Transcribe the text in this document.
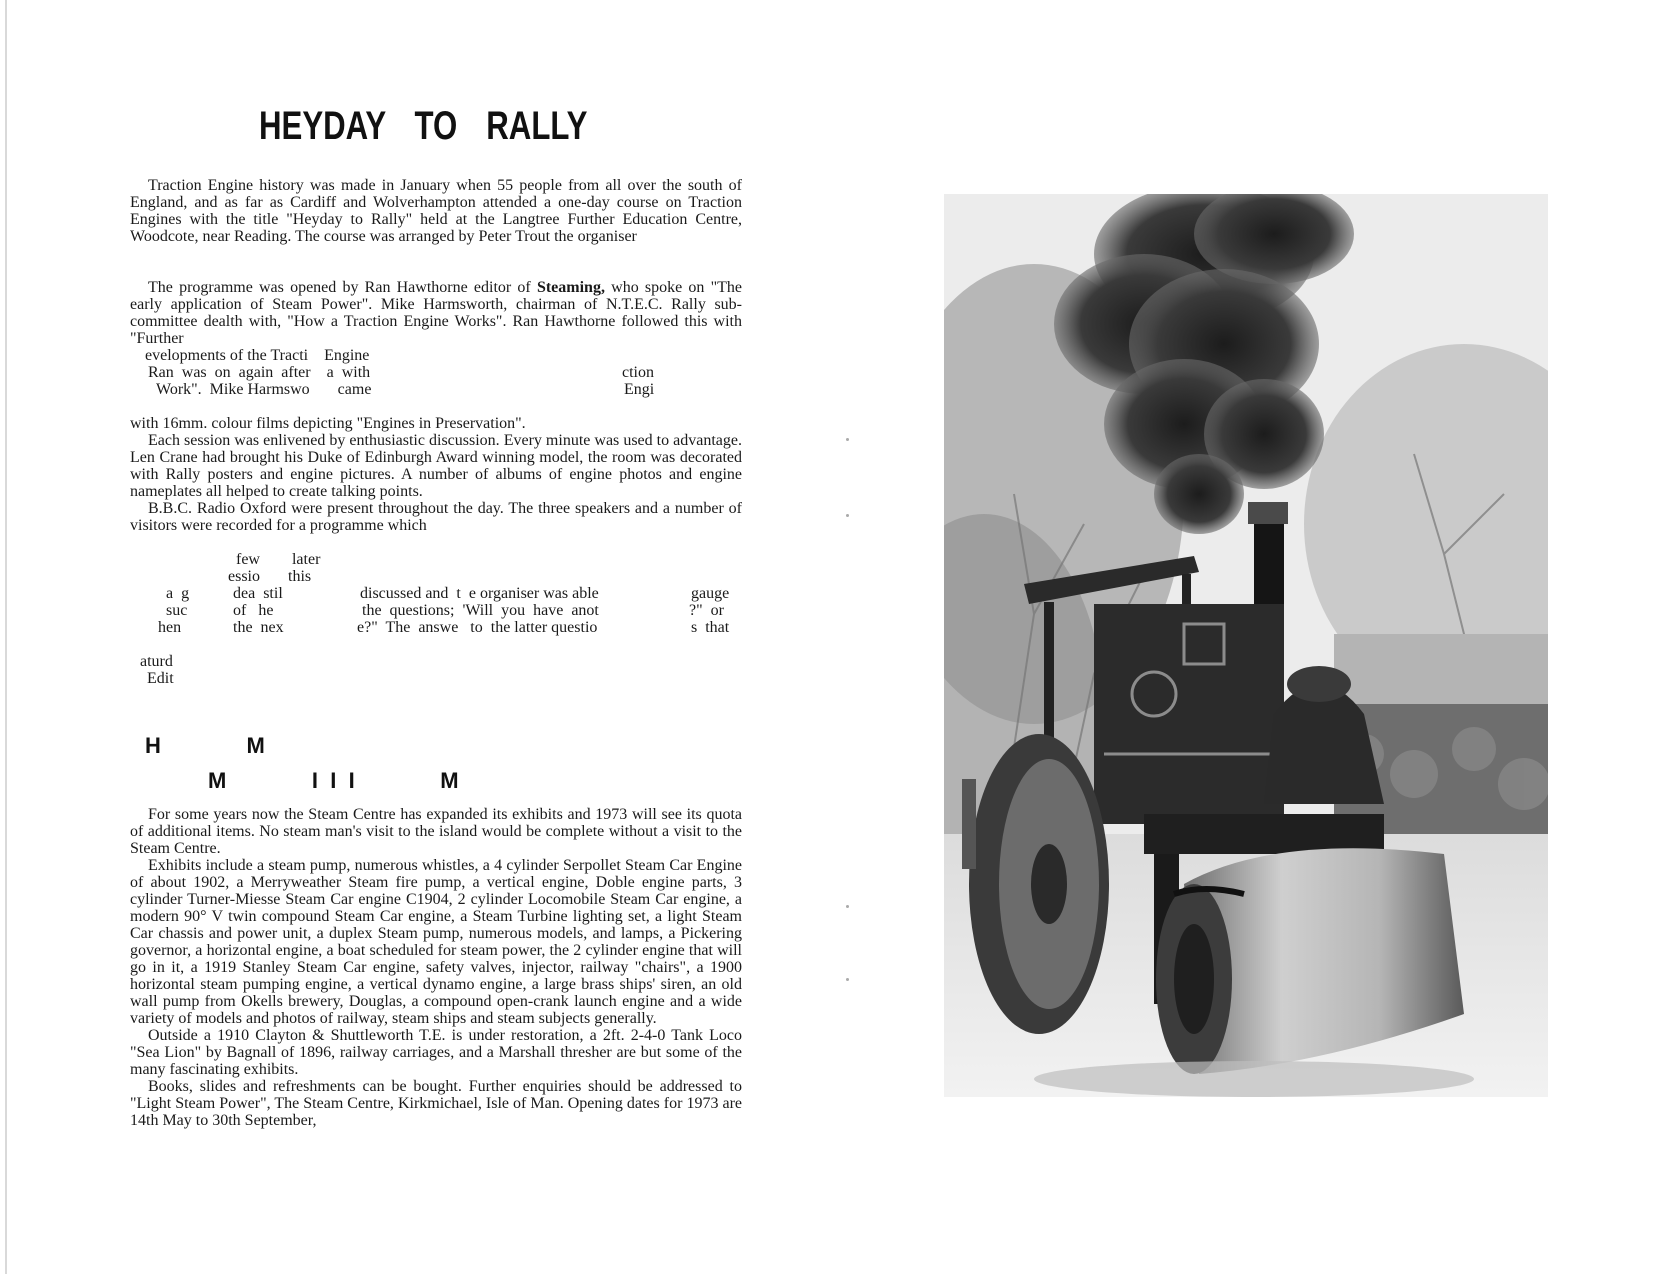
HEYDAY TO RALLY

Traction Engine history was made in January when 55 people from all over the south of England, and as far as Cardiff and Wolverhampton attended a one-day course on Traction Engines with the title "Heyday to Rally" held at the Langtree Further Education Centre, Woodcote, near Reading. The course was arranged by Peter Trout the organiser

The programme was opened by Ran Hawthorne editor of Steaming, who spoke on "The early application of Steam Power". Mike Harmsworth, chairman of N.T.E.C. Rally sub-committee dealth with, "How a Traction Engine Works". Ran Hawthorne followed this with "Further

evelopments of the Tracti    Engine
Ran  was  on  again  after    a  with
Work".  Mike Harmswo       came
ction
Engi

with 16mm. colour films depicting "Engines in Preservation".

Each session was enlivened by enthusiastic discussion. Every minute was used to advantage. Len Crane had brought his Duke of Edinburgh Award winning model, the room was decorated with Rally posters and engine pictures. A number of albums of engine photos and engine nameplates all helped to create talking points.

B.B.C. Radio Oxford were present throughout the day. The three speakers and a number of visitors were recorded for a programme which

few        later
essio       this
a  g
suc
hen
dea  stil
of   he
the  nex
discussed and  t  e organiser was able
the  questions;  'Will  you  have  anot
e?"  The  answe   to  the latter questio
gauge
?"  or
s  that
aturd
Edit
H              M
M              I  I  I              M

For some years now the Steam Centre has expanded its exhibits and 1973 will see its quota of additional items. No steam man's visit to the island would be complete without a visit to the Steam Centre.

Exhibits include a steam pump, numerous whistles, a 4 cylinder Serpollet Steam Car Engine of about 1902, a Merryweather Steam fire pump, a vertical engine, Doble engine parts, 3 cylinder Turner-Miesse Steam Car engine C1904, 2 cylinder Locomobile Steam Car engine, a modern 90° V twin compound Steam Car engine, a Steam Turbine lighting set, a light Steam Car chassis and power unit, a duplex Steam pump, numerous models, and lamps, a Pickering governor, a horizontal engine, a boat scheduled for steam power, the 2 cylinder engine that will go in it, a 1919 Stanley Steam Car engine, safety valves, injector, railway "chairs", a 1900 horizontal steam pumping engine, a vertical dynamo engine, a large brass ships' siren, an old wall pump from Okells brewery, Douglas, a compound open-crank launch engine and a wide variety of models and photos of railway, steam ships and steam subjects generally.

Outside a 1910 Clayton & Shuttleworth T.E. is under restoration, a 2ft. 2-4-0 Tank Loco "Sea Lion" by Bagnall of 1896, railway carriages, and a Marshall thresher are but some of the many fascinating exhibits.

Books, slides and refreshments can be bought. Further enquiries should be addressed to "Light Steam Power", The Steam Centre, Kirkmichael, Isle of Man. Opening dates for 1973 are 14th May to 30th September,
